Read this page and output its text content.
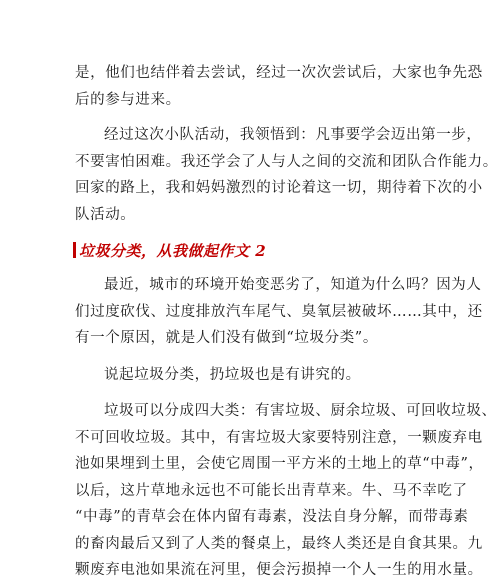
是，他们也结伴着去尝试，经过一次次尝试后，大家也争先恐
后的参与进来。

经过这次小队活动，我领悟到：凡事要学会迈出第一步，
不要害怕困难。我还学会了人与人之间的交流和团队合作能力。
回家的路上，我和妈妈激烈的讨论着这一切，期待着下次的小
队活动。

垃圾分类，从我做起作文 2

最近，城市的环境开始变恶劣了，知道为什么吗？因为人
们过度砍伐、过度排放汽车尾气、臭氧层被破坏……其中，还
有一个原因，就是人们没有做到“垃圾分类”。

说起垃圾分类，扔垃圾也是有讲究的。

垃圾可以分成四大类：有害垃圾、厨余垃圾、可回收垃圾、
不可回收垃圾。其中，有害垃圾大家要特别注意，一颗废弃电
池如果埋到土里，会使它周围一平方米的土地上的草“中毒”，
以后，这片草地永远也不可能长出青草来。牛、马不幸吃了
“中毒”的青草会在体内留有毒素，没法自身分解，而带毒素
的畜肉最后又到了人类的餐桌上，最终人类还是自食其果。九
颗废弃电池如果流在河里，便会污损掉一个人一生的用水量。
